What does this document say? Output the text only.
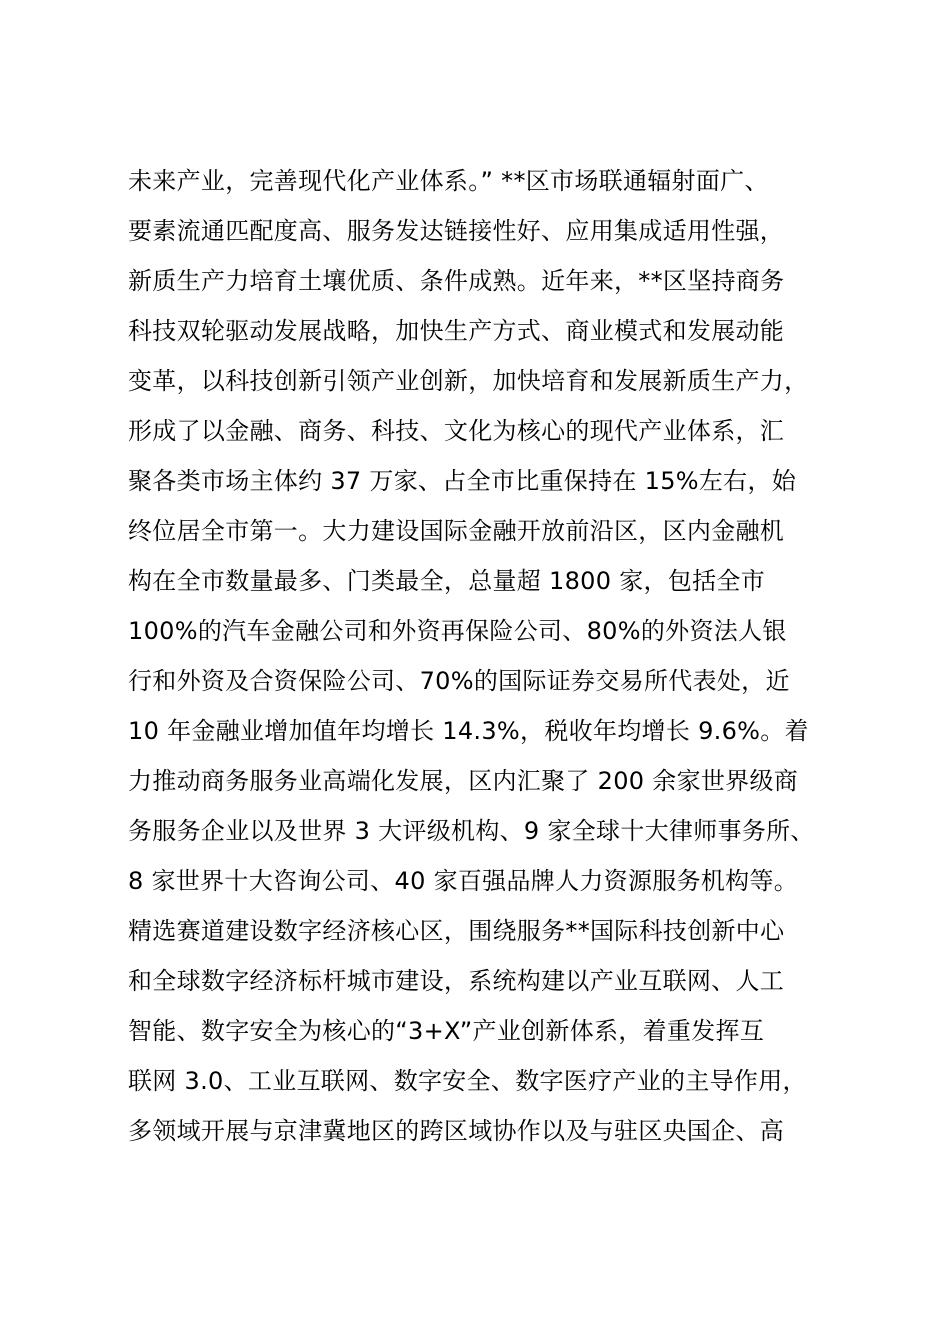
未来产业，完善现代化产业体系。” **区市场联通辐射面广、
要素流通匹配度高、服务发达链接性好、应用集成适用性强，
新质生产力培育土壤优质、条件成熟。近年来，**区坚持商务
科技双轮驱动发展战略，加快生产方式、商业模式和发展动能
变革，以科技创新引领产业创新，加快培育和发展新质生产力，
形成了以金融、商务、科技、文化为核心的现代产业体系，汇
聚各类市场主体约 37 万家、占全市比重保持在 15%左右，始
终位居全市第一。大力建设国际金融开放前沿区，区内金融机
构在全市数量最多、门类最全，总量超 1800 家，包括全市
100%的汽车金融公司和外资再保险公司、80%的外资法人银
行和外资及合资保险公司、70%的国际证券交易所代表处，近
10 年金融业增加值年均增长 14.3%，税收年均增长 9.6%。着
力推动商务服务业高端化发展，区内汇聚了 200 余家世界级商
务服务企业以及世界 3 大评级机构、9 家全球十大律师事务所、
8 家世界十大咨询公司、40 家百强品牌人力资源服务机构等。
精选赛道建设数字经济核心区，围绕服务**国际科技创新中心
和全球数字经济标杆城市建设，系统构建以产业互联网、人工
智能、数字安全为核心的“3+X”产业创新体系，着重发挥互
联网 3.0、工业互联网、数字安全、数字医疗产业的主导作用，
多领域开展与京津冀地区的跨区域协作以及与驻区央国企、高
